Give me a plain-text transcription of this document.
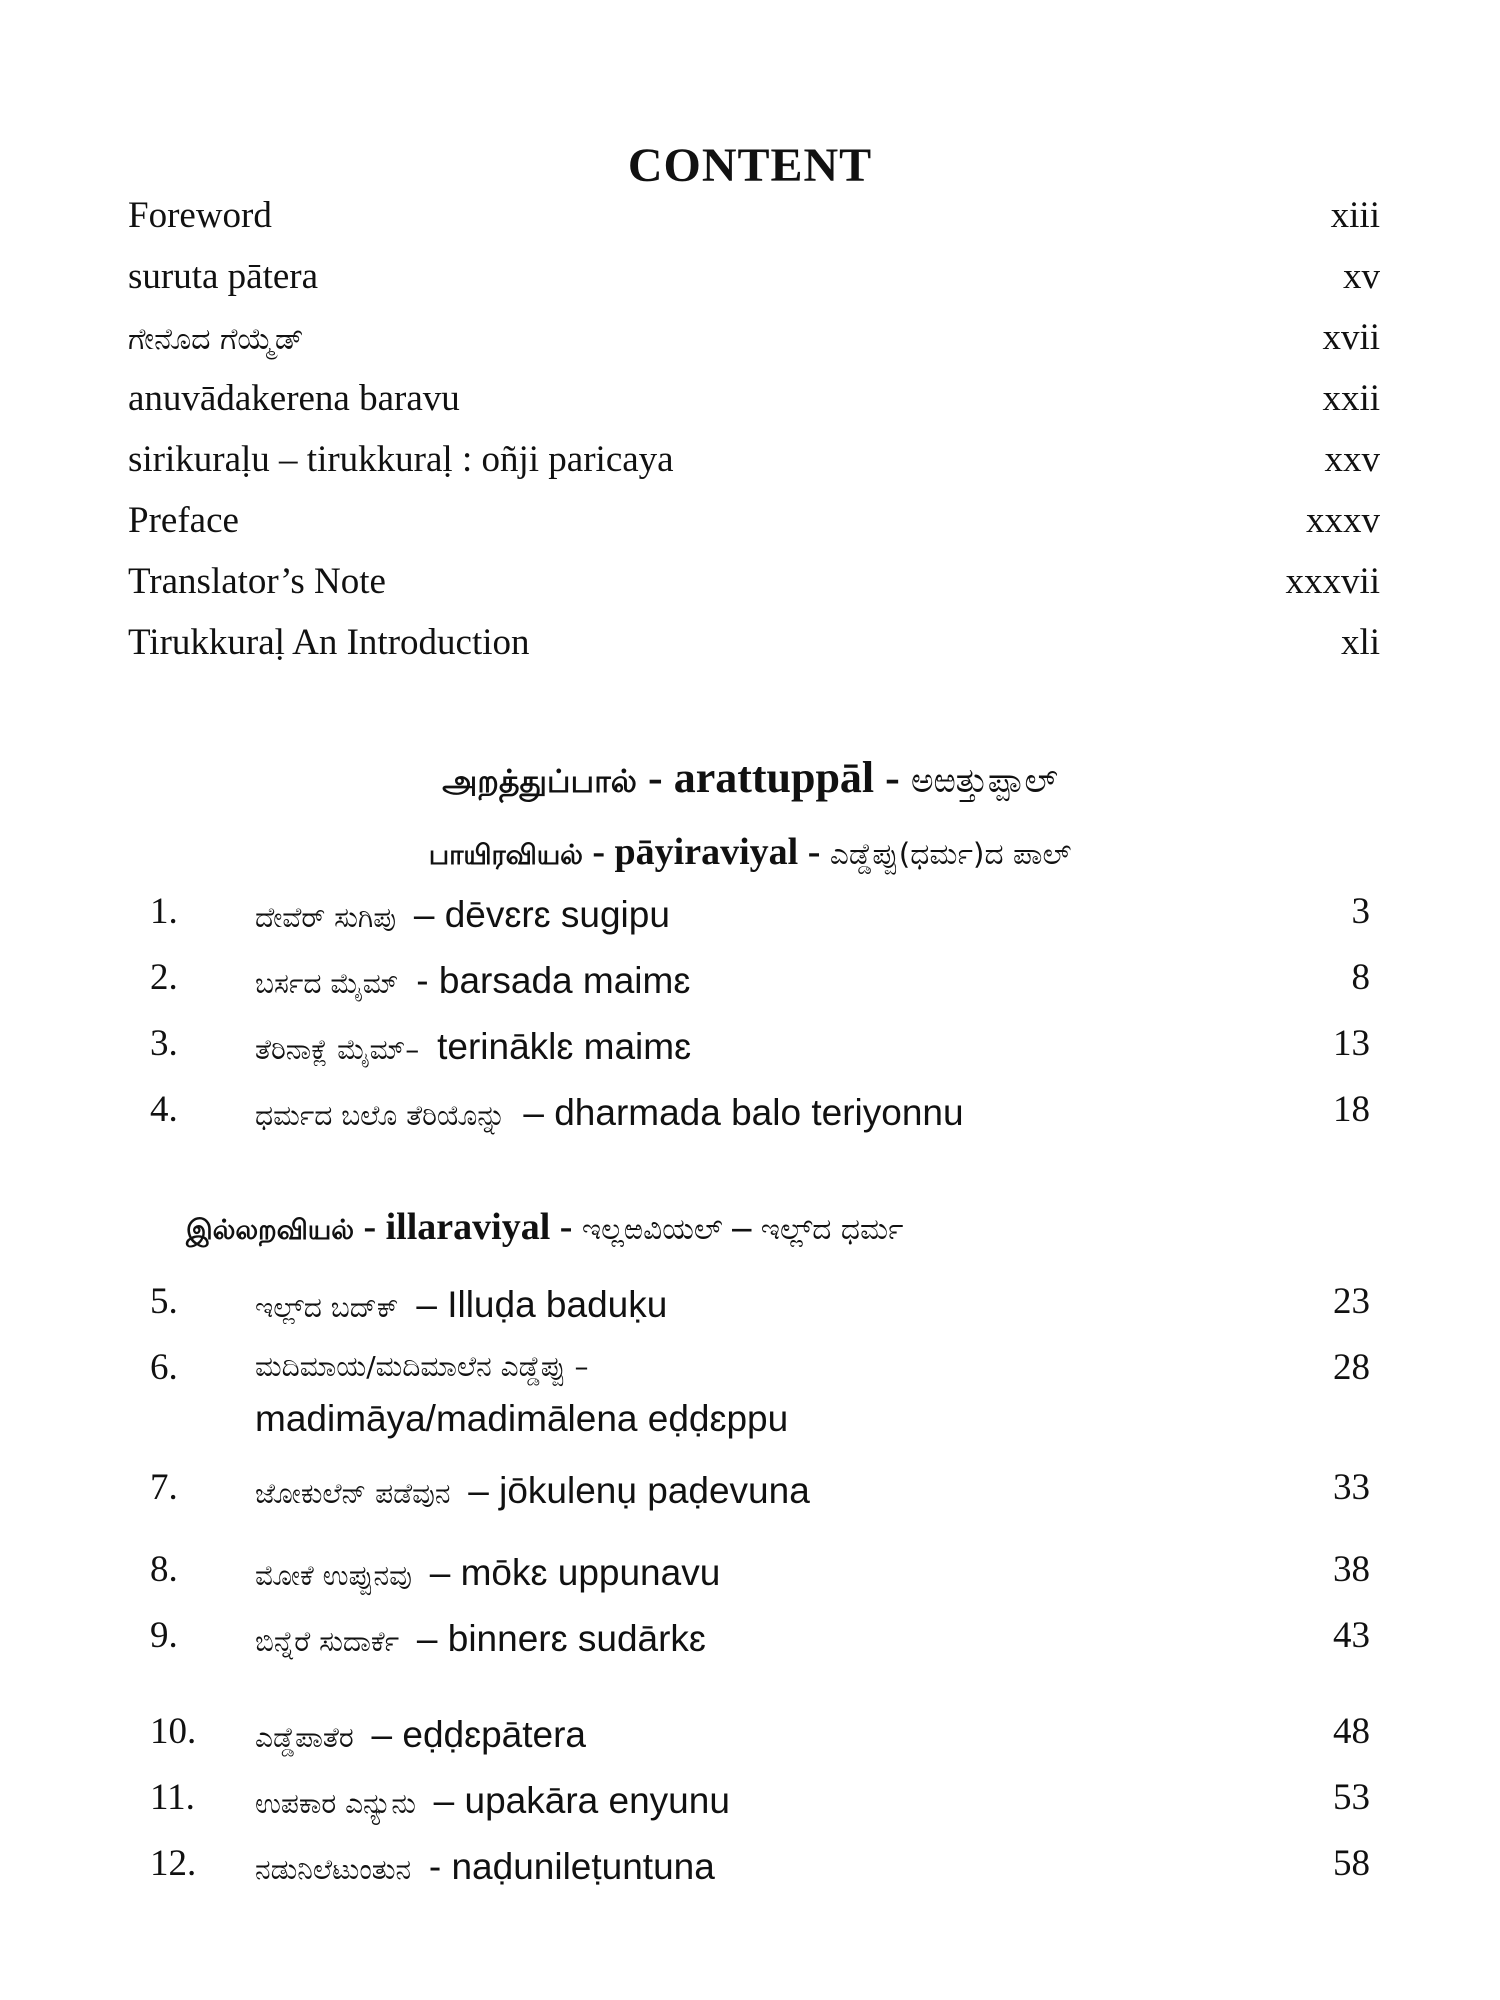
CONTENT
Foreword	xiii
suruta pātera	xv
ಗೇನೊದ ಗೆಯ್ಮೆಡ್	xvii
anuvādakerena baravu	xxii
sirikuraḷu – tirukkuraḷ : oñji paricaya	xxv
Preface	xxxv
Translator’s Note	xxxvii
Tirukkuraḷ An Introduction	xli
அறத்துப்பால் - arattuppāl - ಅಱತ್ತುಪ್ಪಾಲ್
பாயிரவியல் - pāyiraviyal - ಎಡ್ಡೆಪ್ಪು(ಧರ್ಮ)ದ ಪಾಲ್
1.	ದೇವೆರ್ ಸುಗಿಪು – dēvɛrɛ sugipu	3
2.	ಬರ್ಸದ ಮೈಮ್ - barsada maimɛ	8
3.	ತೆರಿನಾಕ್ಲೆ ಮೈಮ್– terināklɛ maimɛ	13
4.	ಧರ್ಮದ ಬಲೊ ತೆರಿಯೊನ್ನು – dharmada balo teriyonnu	18
இல்லறவியல் - illaraviyal - ಇಲ್ಲಱವಿಯಲ್ – ಇಲ್ಲ್‌ದ ಧರ್ಮ
5.	ಇಲ್ಲ್‌ದ ಬದ್‌ಕ್ – Illuḍa baduḳu	23
6.	ಮದಿಮಾಯ/ಮದಿಮಾಲೆನ ಎಡ್ಡೆಪ್ಪು –	28
madimāya/madimālena eḍḍɛppu
7.	ಜೋಕುಲೆನ್ ಪಡೆವುನ – jōkulenụ paḍevuna	33
8.	ಮೋಕೆ ಉಪ್ಪುನವು – mōkɛ uppunavu	38
9.	ಬಿನ್ನೆರೆ ಸುದಾರ್ಕೆ – binnerɛ sudārkɛ	43
10. ಎಡ್ಡೆಪಾತೆರ – eḍḍɛpātera	48
11. ಉಪಕಾರ ಎನ್ಯುನು – upakāra enyunu	53
12. ನಡುನಿಲೆಟುಂತುನ - naḍunileṭuntuna	58
